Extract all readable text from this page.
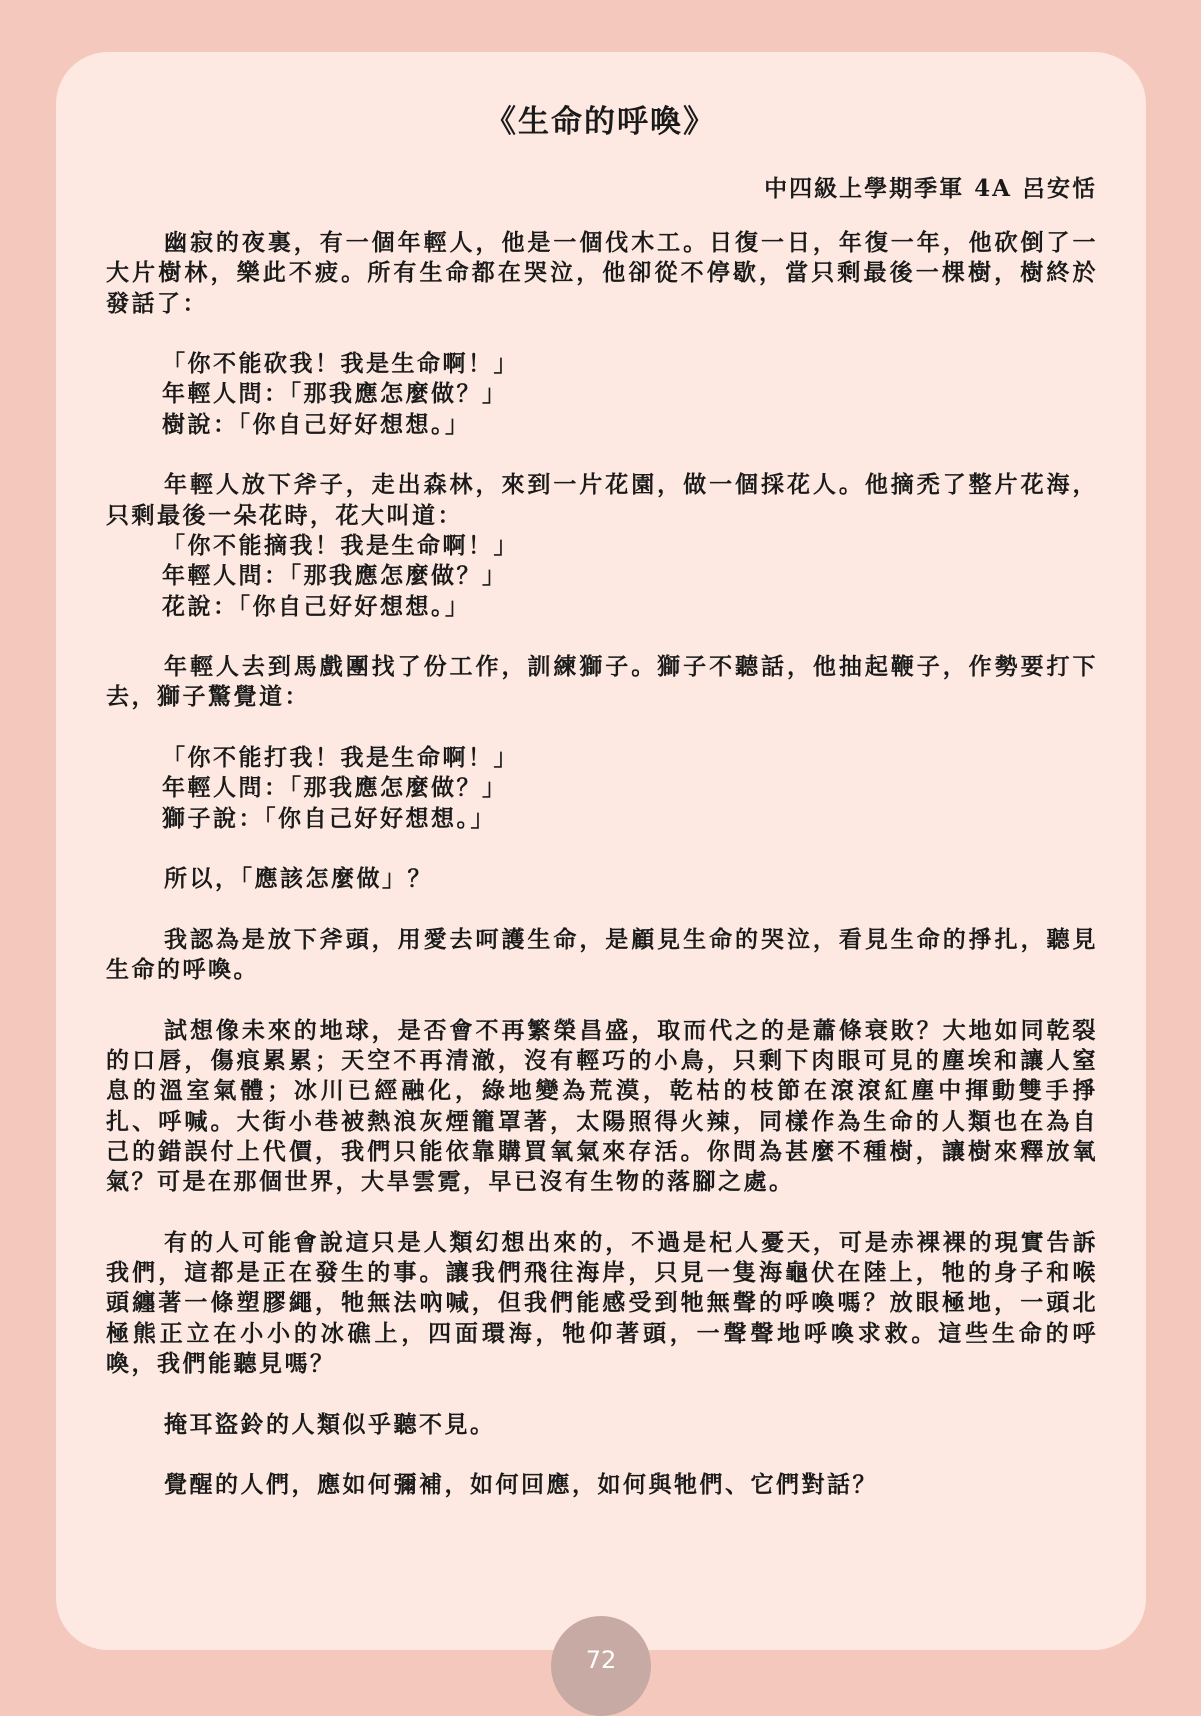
《生命的呼喚》

中四級上學期季軍 4A 呂安恬

幽寂的夜裏，有一個年輕人，他是一個伐木工。日復一日，年復一年，他砍倒了一大片樹林，樂此不疲。所有生命都在哭泣，他卻從不停歇，當只剩最後一棵樹，樹終於發話了：

「你不能砍我！我是生命啊！」
年輕人問：「那我應怎麼做？」
樹說：「你自己好好想想。」

年輕人放下斧子，走出森林，來到一片花園，做一個採花人。他摘禿了整片花海，只剩最後一朵花時，花大叫道：

「你不能摘我！我是生命啊！」
年輕人問：「那我應怎麼做？」
花說：「你自己好好想想。」

年輕人去到馬戲團找了份工作，訓練獅子。獅子不聽話，他抽起鞭子，作勢要打下去，獅子驚覺道：

「你不能打我！我是生命啊！」
年輕人問：「那我應怎麼做？」
獅子說：「你自己好好想想。」

所以，「應該怎麼做」？

我認為是放下斧頭，用愛去呵護生命，是顧見生命的哭泣，看見生命的掙扎，聽見生命的呼喚。

試想像未來的地球，是否會不再繁榮昌盛，取而代之的是蕭條衰敗？大地如同乾裂的口唇，傷痕累累；天空不再清澈，沒有輕巧的小鳥，只剩下肉眼可見的塵埃和讓人窒息的溫室氣體；冰川已經融化，綠地變為荒漠，乾枯的枝節在滾滾紅塵中揮動雙手掙扎、呼喊。大街小巷被熱浪灰煙籠罩著，太陽照得火辣，同樣作為生命的人類也在為自己的錯誤付上代價，我們只能依靠購買氧氣來存活。你問為甚麼不種樹，讓樹來釋放氧氣？可是在那個世界，大旱雲霓，早已沒有生物的落腳之處。

有的人可能會說這只是人類幻想出來的，不過是杞人憂天，可是赤裸裸的現實告訴我們，這都是正在發生的事。讓我們飛往海岸，只見一隻海龜伏在陸上，牠的身子和喉頭纏著一條塑膠繩，牠無法吶喊，但我們能感受到牠無聲的呼喚嗎？放眼極地，一頭北極熊正立在小小的冰礁上，四面環海，牠仰著頭，一聲聲地呼喚求救。這些生命的呼喚，我們能聽見嗎？

掩耳盜鈴的人類似乎聽不見。

覺醒的人們，應如何彌補，如何回應，如何與牠們、它們對話？

72
